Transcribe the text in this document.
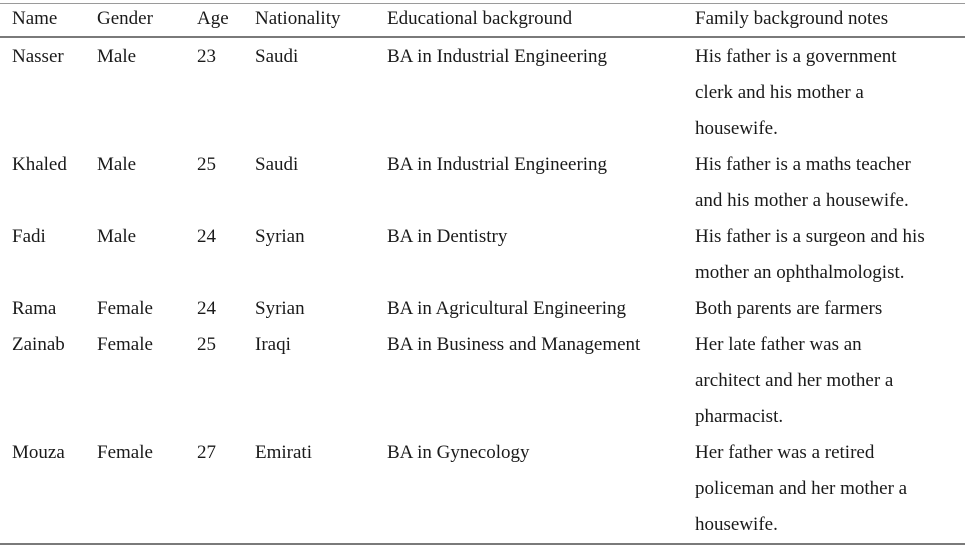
Name	Gender	Age	Nationality	Educational background	Family background notes
Nasser	Male	23	Saudi	BA in Industrial Engineering	His father is a government
clerk and his mother a
housewife.
Khaled	Male	25	Saudi	BA in Industrial Engineering	His father is a maths teacher
and his mother a housewife.
Fadi	Male	24	Syrian	BA in Dentistry	His father is a surgeon and his
mother an ophthalmologist.
Rama	Female	24	Syrian	BA in Agricultural Engineering	Both parents are farmers
Zainab	Female	25	Iraqi	BA in Business and Management	Her late father was an
architect and her mother a
pharmacist.
Mouza	Female	27	Emirati	BA in Gynecology	Her father was a retired
policeman and her mother a
housewife.
